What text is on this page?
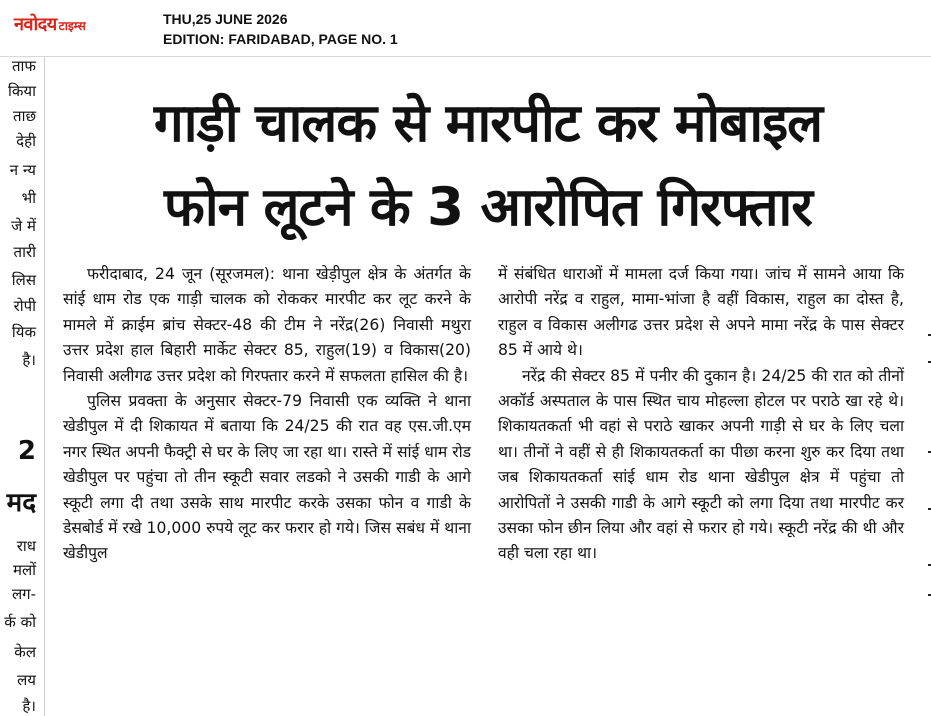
नवोदय टाइम्स	THU,25 JUNE 2026
EDITION: FARIDABAD, PAGE NO. 1
ताफ
किया
ताछ
देही
न न्य
भी
जे में
तारी
लिस
रोपी
यिक
है।
2
मद
राध
मलों
लग-
र्क को
केल
लय
है।
गाड़ी चालक से मारपीट कर मोबाइल
फोन लूटने के 3 आरोपित गिरफ्तार

फरीदाबाद, 24 जून (सूरजमल): थाना खेड़ीपुल क्षेत्र के अंतर्गत के सांई धाम रोड एक गाड़ी चालक को रोककर मारपीट कर लूट करने के मामले में क्राईम ब्रांच सेक्टर-48 की टीम ने नरेंद्र(26) निवासी मथुरा उत्तर प्रदेश हाल बिहारी मार्केट सेक्टर 85, राहुल(19) व विकास(20) निवासी अलीगढ उत्तर प्रदेश को गिरफ्तार करने में सफलता हासिल की है।

पुलिस प्रवक्ता के अनुसार सेक्टर-79 निवासी एक व्यक्ति ने थाना खेडीपुल में दी शिकायत में बताया कि 24/25 की रात वह एस.जी.एम नगर स्थित अपनी फैक्ट्री से घर के लिए जा रहा था। रास्ते में सांई धाम रोड खेडीपुल पर पहुंचा तो तीन स्कूटी सवार लडको ने उसकी गाडी के आगे स्कूटी लगा दी तथा उसके साथ मारपीट करके उसका फोन व गाडी के डेसबोर्ड में रखे 10,000 रुपये लूट कर फरार हो गये। जिस सबंध में थाना खेडीपुल

में संबंधित धाराओं में मामला दर्ज किया गया। जांच में सामने आया कि आरोपी नरेंद्र व राहुल, मामा-भांजा है वहीं विकास, राहुल का दोस्त है, राहुल व विकास अलीगढ उत्तर प्रदेश से अपने मामा नरेंद्र के पास सेक्टर 85 में आये थे।

नरेंद्र की सेक्टर 85 में पनीर की दुकान है। 24/25 की रात को तीनों अकॉर्ड अस्पताल के पास स्थित चाय मोहल्ला होटल पर पराठे खा रहे थे। शिकायतकर्ता भी वहां से पराठे खाकर अपनी गाड़ी से घर के लिए चला था। तीनों ने वहीं से ही शिकायतकर्ता का पीछा करना शुरु कर दिया तथा जब शिकायतकर्ता सांई धाम रोड थाना खेडीपुल क्षेत्र में पहुंचा तो आरोपितों ने उसकी गाडी के आगे स्कूटी को लगा दिया तथा मारपीट कर उसका फोन छीन लिया और वहां से फरार हो गये। स्कूटी नरेंद्र की थी और वही चला रहा था।
